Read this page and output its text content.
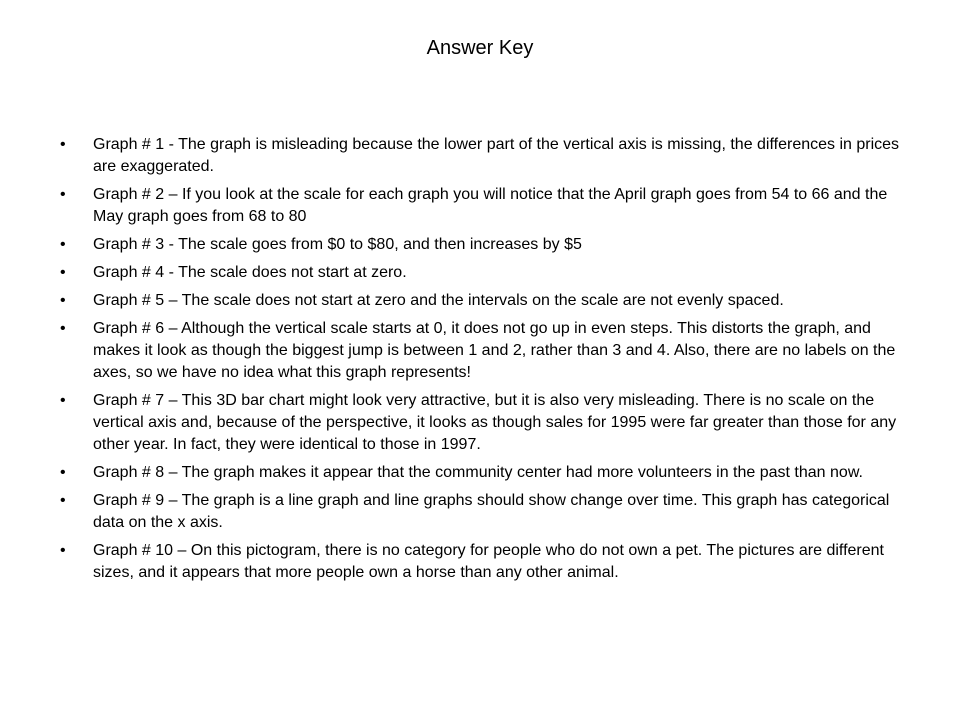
Answer Key
•	Graph # 1 - The graph is misleading because the lower part of the vertical axis is missing, the differences in prices are exaggerated.
•	Graph # 2 – If you look at the scale for each graph you will notice that the April graph goes from 54 to 66 and the May graph goes from 68 to 80
•	Graph # 3 - The scale goes from $0 to $80, and then increases by $5
•	Graph # 4 - The scale does not start at zero.
•	Graph # 5 – The scale does not start at zero and the intervals on the scale are not evenly spaced.
•	Graph # 6 – Although the vertical scale starts at 0, it does not go up in even steps. This distorts the graph, and makes it look as though the biggest jump is between 1 and 2, rather than 3 and 4. Also, there are no labels on the axes, so we have no idea what this graph represents!
•	Graph # 7 – This 3D bar chart might look very attractive, but it is also very misleading. There is no scale on the vertical axis and, because of the perspective, it looks as though sales for 1995 were far greater than those for any other year. In fact, they were identical to those in 1997.
•	Graph # 8 – The graph makes it appear that the community center had more volunteers in the past than now.
•	Graph # 9 – The graph is a line graph and line graphs should show change over time. This graph has categorical data on the x axis.
•	Graph # 10 – On this pictogram, there is no category for people who do not own a pet. The pictures are different sizes, and it appears that more people own a horse than any other animal.
